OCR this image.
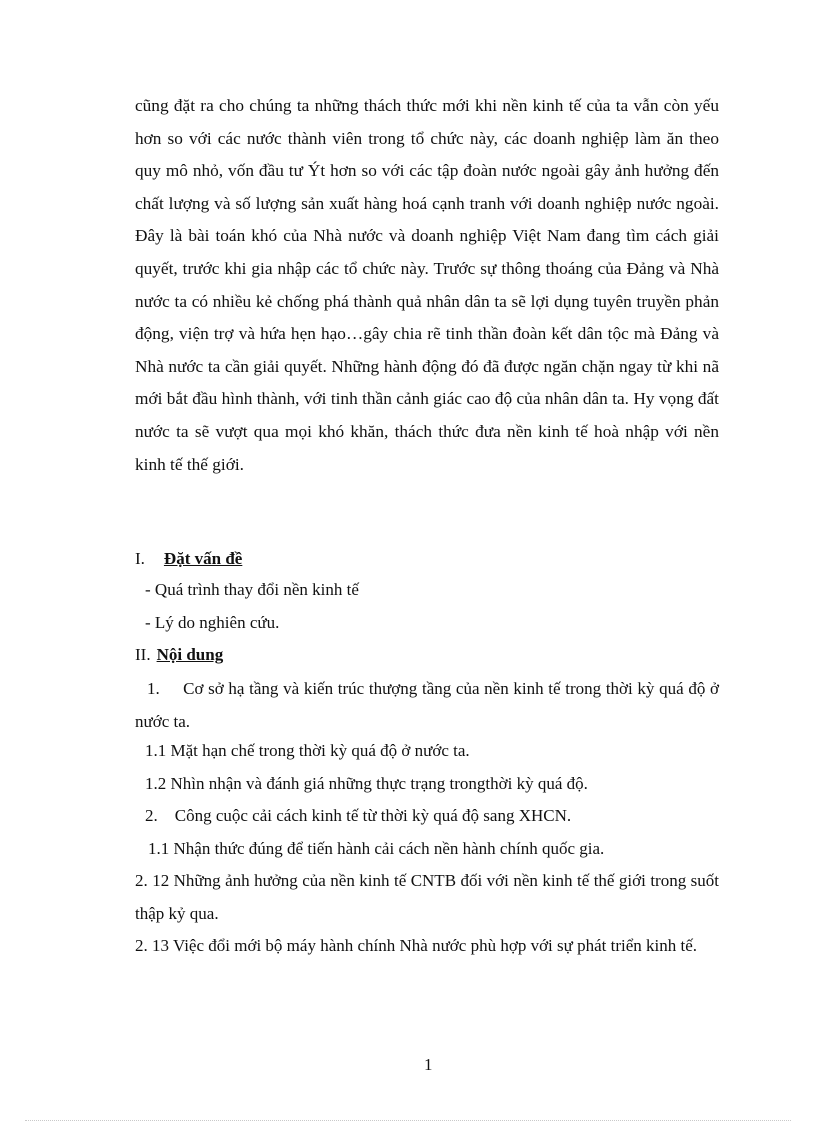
cũng đặt ra cho chúng ta những thách thức mới khi nền kinh tế của ta vẫn còn yếu hơn so với các nước thành viên trong tổ chức này, các doanh nghiệp làm ăn theo quy mô nhỏ, vốn đầu tư Ýt hơn so với các tập đoàn nước ngoài gây ảnh hưởng đến chất lượng và số lượng sản xuất hàng hoá cạnh tranh với doanh nghiệp nước ngoài. Đây là bài toán khó của Nhà nước và doanh nghiệp Việt Nam đang tìm cách giải quyết, trước khi gia nhập các tổ chức này. Trước sự thông thoáng của Đảng và Nhà nước ta có nhiều kẻ chống phá thành quả nhân dân ta sẽ lợi dụng tuyên truyền phản động, viện trợ và hứa hẹn hạo…gây chia rẽ tinh thần đoàn kết dân tộc mà Đảng và Nhà nước ta cần giải quyết. Những hành động đó đã được ngăn chặn ngay từ khi nã mới bắt đầu hình thành, với tinh thần cảnh giác cao độ của nhân dân ta. Hy vọng đất nước ta sẽ vượt qua mọi khó khăn, thách thức đưa nền kinh tế hoà nhập với nền kinh tế thế giới.

I. Đặt vấn đề
- Quá trình thay đổi nền kinh tế
- Lý do nghiên cứu.
II. Nội dung

1.     Cơ sở hạ tầng và kiến trúc thượng tầng của nền kinh tế trong thời kỳ quá độ ở nước ta.

1.1 Mặt hạn chế trong thời kỳ quá độ ở nước ta.
1.2 Nhìn nhận và đánh giá những thực trạng trongthời kỳ quá độ.
2.    Công cuộc cải cách kinh tế từ thời kỳ quá độ sang XHCN.
1.1 Nhận thức đúng để tiến hành cải cách nền hành chính quốc gia.

2. 12 Những ảnh hưởng của nền kinh tế CNTB đối với nền kinh tế thế giới trong suốt thập kỷ qua.

2. 13 Việc đổi mới bộ máy hành chính Nhà nước phù hợp với sự phát triển kinh tế.

1
